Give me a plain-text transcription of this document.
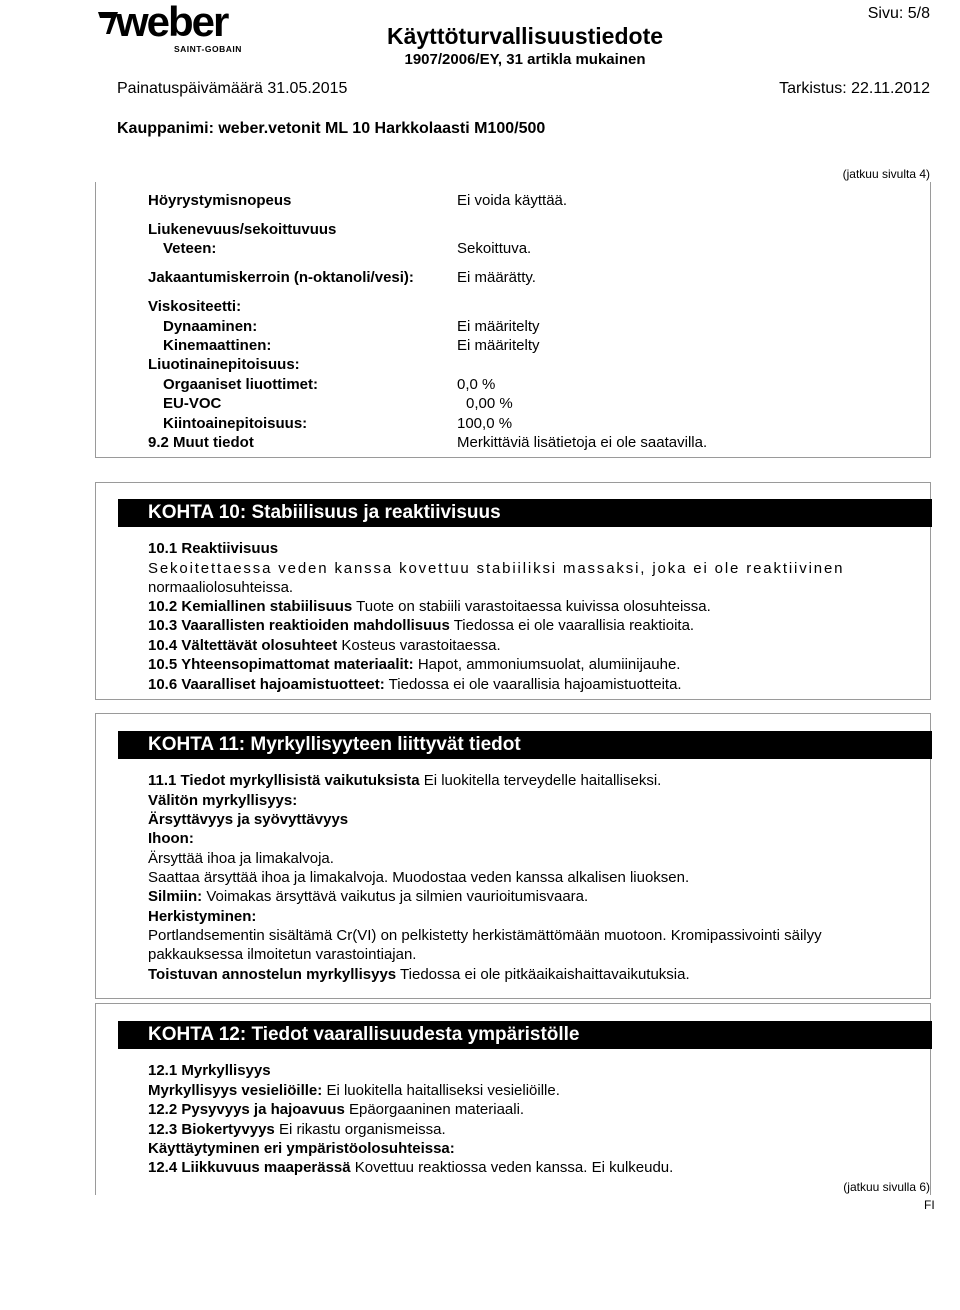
weber
SAINT-GOBAIN	Käyttöturvallisuustiedote
1907/2006/EY, 31 artikla mukainen
Sivu: 5/8
Painatuspäivämäärä 31.05.2015	Tarkistus: 22.11.2012
Kauppanimi: weber.vetonit ML 10 Harkkolaasti M100/500
(jatkuu sivulta 4)
Höyrystymisnopeus	Ei voida käyttää.
Liukenevuus/sekoittuvuus
Veteen:	Sekoittuva.
Jakaantumiskerroin (n-oktanoli/vesi):	Ei määrätty.
Viskositeetti:
Dynaaminen:	Ei määritelty
Kinemaattinen:	Ei määritelty
Liuotinainepitoisuus:
Orgaaniset liuottimet:	0,0 %
EU-VOC	0,00 %
Kiintoainepitoisuus:	100,0 %
9.2 Muut tiedot	Merkittäviä lisätietoja ei ole saatavilla.
KOHTA 10: Stabiilisuus ja reaktiivisuus
10.1 Reaktiivisuus
Sekoitettaessa veden kanssa kovettuu stabiiliksi massaksi, joka ei ole reaktiivinen
normaaliolosuhteissa.
10.2 Kemiallinen stabiilisuus Tuote on stabiili varastoitaessa kuivissa olosuhteissa.
10.3 Vaarallisten reaktioiden mahdollisuus Tiedossa ei ole vaarallisia reaktioita.
10.4 Vältettävät olosuhteet Kosteus varastoitaessa.
10.5 Yhteensopimattomat materiaalit: Hapot, ammoniumsuolat, alumiinijauhe.
10.6 Vaaralliset hajoamistuotteet: Tiedossa ei ole vaarallisia hajoamistuotteita.
KOHTA 11: Myrkyllisyyteen liittyvät tiedot
11.1 Tiedot myrkyllisistä vaikutuksista Ei luokitella terveydelle haitalliseksi.
Välitön myrkyllisyys:
Ärsyttävyys ja syövyttävyys
Ihoon:
Ärsyttää ihoa ja limakalvoja.
Saattaa ärsyttää ihoa ja limakalvoja. Muodostaa veden kanssa alkalisen liuoksen.
Silmiin: Voimakas ärsyttävä vaikutus ja silmien vaurioitumisvaara.
Herkistyminen:
Portlandsementin sisältämä Cr(VI) on pelkistetty herkistämättömään muotoon. Kromipassivointi säilyy
pakkauksessa ilmoitetun varastointiajan.
Toistuvan annostelun myrkyllisyys Tiedossa ei ole pitkäaikaishaittavaikutuksia.
KOHTA 12: Tiedot vaarallisuudesta ympäristölle
12.1 Myrkyllisyys
Myrkyllisyys vesieliöille: Ei luokitella haitalliseksi vesieliöille.
12.2 Pysyvyys ja hajoavuus Epäorgaaninen materiaali.
12.3 Biokertyvyys Ei rikastu organismeissa.
Käyttäytyminen eri ympäristöolosuhteissa:
12.4 Liikkuvuus maaperässä Kovettuu reaktiossa veden kanssa. Ei kulkeudu.
(jatkuu sivulla 6)
FI
